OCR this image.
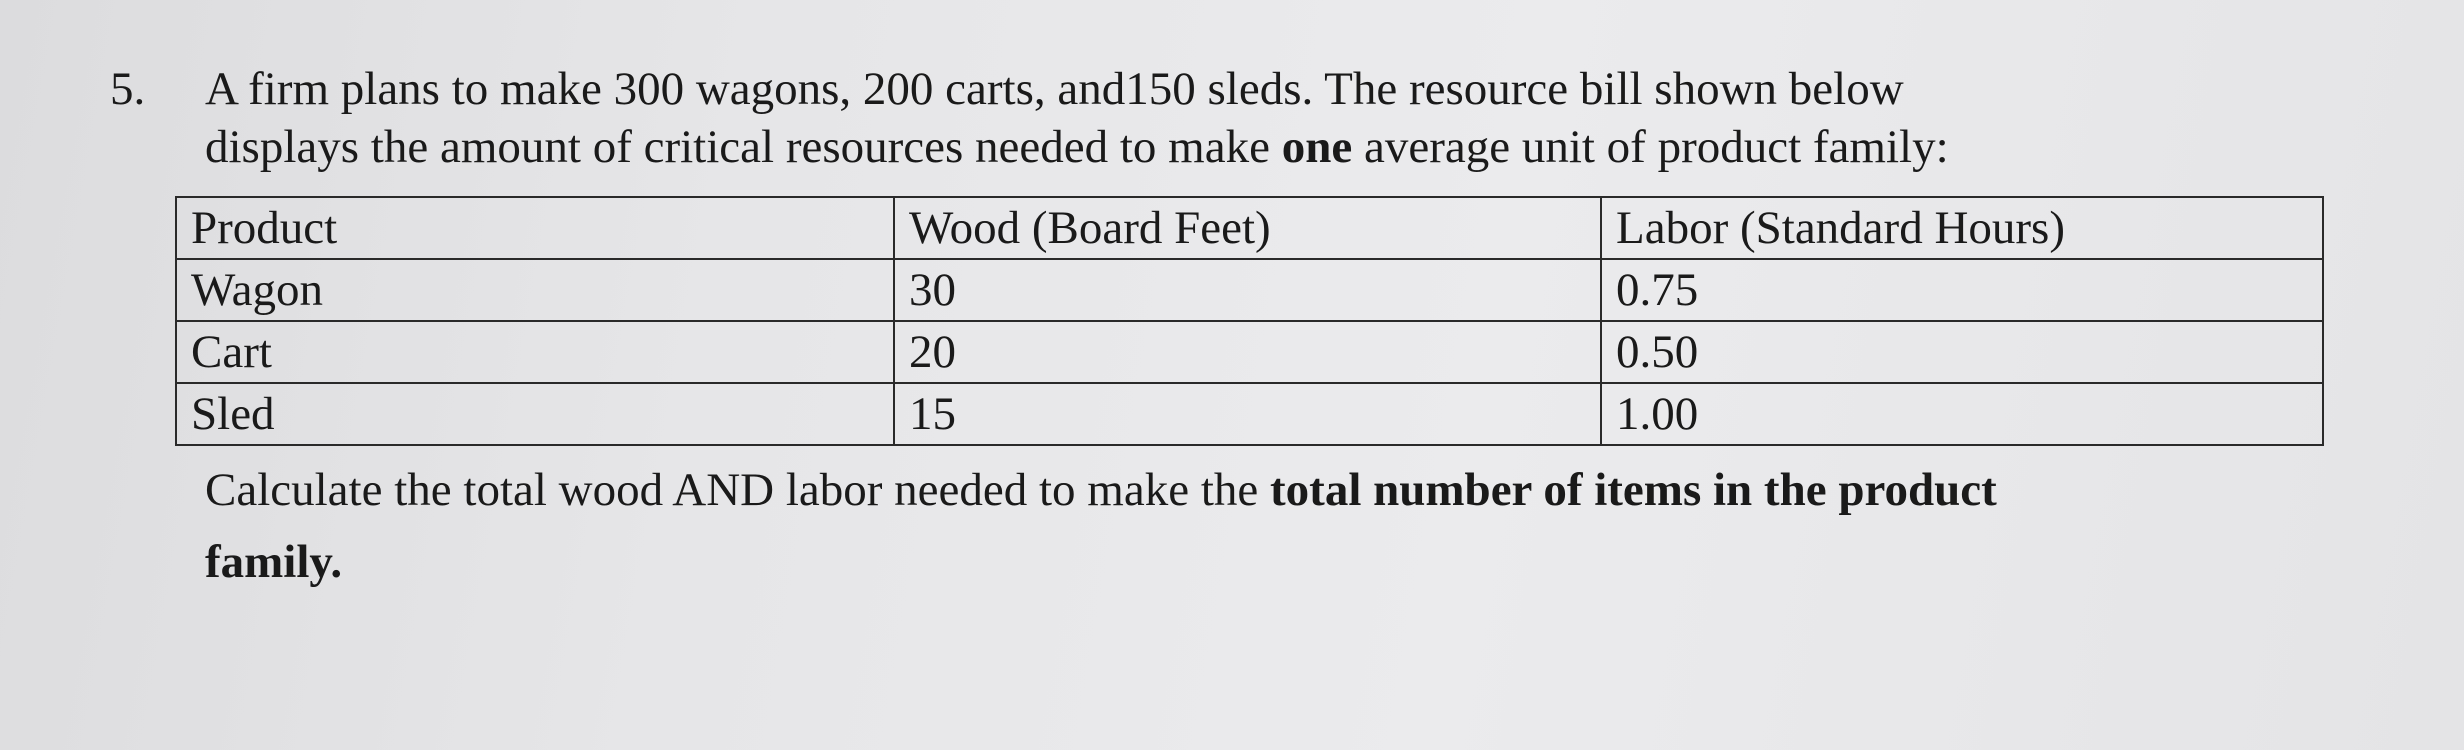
5. A firm plans to make 300 wagons, 200 carts, and150 sleds. The resource bill shown below
displays the amount of critical resources needed to make one average unit of product family:
Product	Wood (Board Feet)	Labor (Standard Hours)
Wagon	30	0.75
Cart	20	0.50
Sled	15	1.00
Calculate the total wood AND labor needed to make the total number of items in the product
family.
